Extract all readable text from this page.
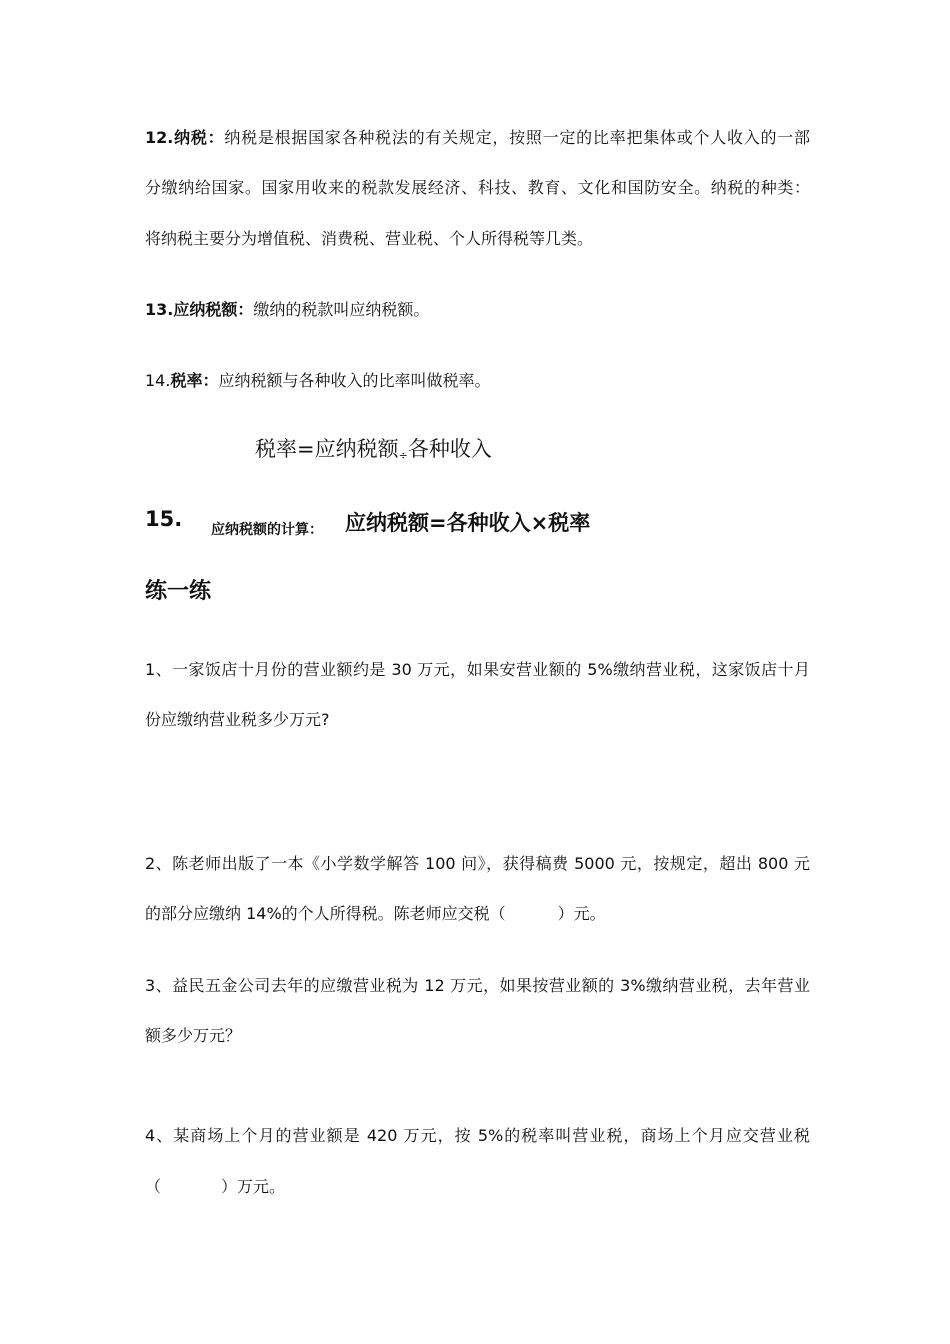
12.纳税：纳税是根据国家各种税法的有关规定，按照一定的比率把集体或个人收入的一部
分缴纳给国家。国家用收来的税款发展经济、科技、教育、文化和国防安全。纳税的种类：
将纳税主要分为增值税、消费税、营业税、个人所得税等几类。
13.应纳税额：缴纳的税款叫应纳税额。
14.税率：应纳税额与各种收入的比率叫做税率。
税率=应纳税额÷各种收入
15. 应纳税额的计算： 应纳税额=各种收入×税率
练一练
1、一家饭店十月份的营业额约是 30 万元，如果安营业额的 5%缴纳营业税，这家饭店十月
份应缴纳营业税多少万元?
2、陈老师出版了一本《小学数学解答 100 问》，获得稿费 5000 元，按规定，超出 800 元
的部分应缴纳 14%的个人所得税。陈老师应交税（	）元。
3、益民五金公司去年的应缴营业税为 12 万元，如果按营业额的 3%缴纳营业税，去年营业
额多少万元？
4、某商场上个月的营业额是 420 万元，按 5%的税率叫营业税，商场上个月应交营业税
（	）万元。
